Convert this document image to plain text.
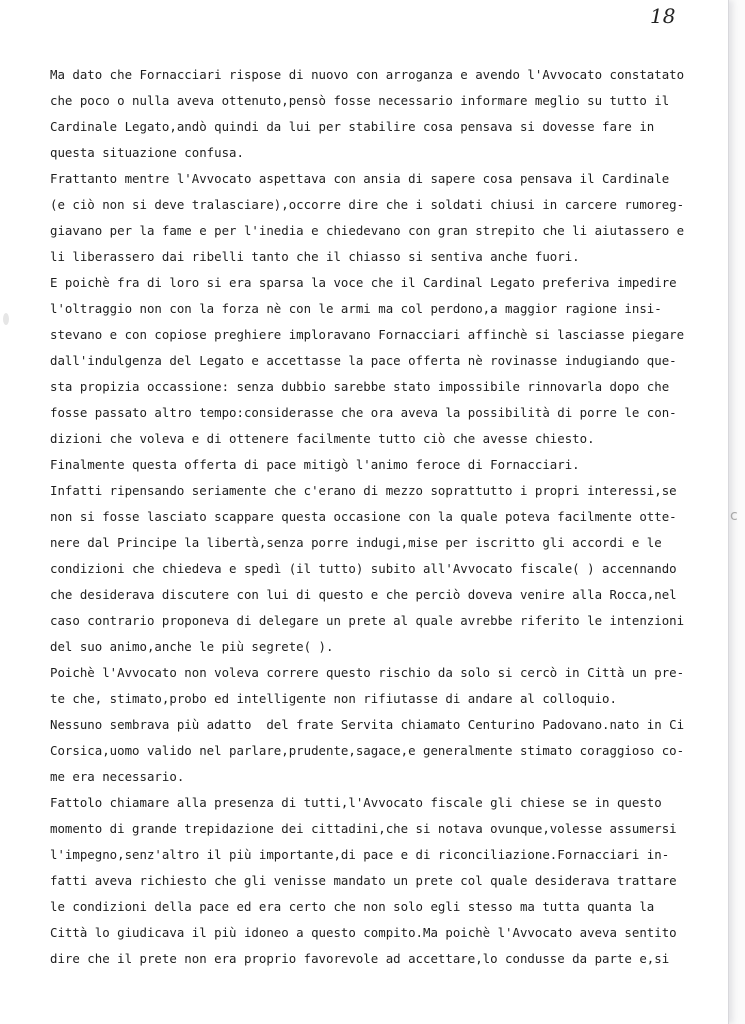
18
Ma dato che Fornacciari rispose di nuovo con arroganza e avendo l'Avvocato constatato
che poco o nulla aveva ottenuto,pensò fosse necessario informare meglio su tutto il
Cardinale Legato,andò quindi da lui per stabilire cosa pensava si dovesse fare in
questa situazione confusa.
Frattanto mentre l'Avvocato aspettava con ansia di sapere cosa pensava il Cardinale
(e ciò non si deve tralasciare),occorre dire che i soldati chiusi in carcere rumoreg-
giavano per la fame e per l'inedia e chiedevano con gran strepito che li aiutassero e
li liberassero dai ribelli tanto che il chiasso si sentiva anche fuori.
E poichè fra di loro si era sparsa la voce che il Cardinal Legato preferiva impedire
l'oltraggio non con la forza nè con le armi ma col perdono,a maggior ragione insi-
stevano e con copiose preghiere imploravano Fornacciari affinchè si lasciasse piegare
dall'indulgenza del Legato e accettasse la pace offerta nè rovinasse indugiando que-
sta propizia occassione: senza dubbio sarebbe stato impossibile rinnovarla dopo che
fosse passato altro tempo:considerasse che ora aveva la possibilità di porre le con-
dizioni che voleva e di ottenere facilmente tutto ciò che avesse chiesto.
Finalmente questa offerta di pace mitigò l'animo feroce di Fornacciari.
Infatti ripensando seriamente che c'erano di mezzo soprattutto i propri interessi,se
non si fosse lasciato scappare questa occasione con la quale poteva facilmente otte-
nere dal Principe la libertà,senza porre indugi,mise per iscritto gli accordi e le
condizioni che chiedeva e spedì (il tutto) subito all'Avvocato fiscale( ) accennando
che desiderava discutere con lui di questo e che perciò doveva venire alla Rocca,nel
caso contrario proponeva di delegare un prete al quale avrebbe riferito le intenzioni
del suo animo,anche le più segrete( ).
Poichè l'Avvocato non voleva correre questo rischio da solo si cercò in Città un pre-
te che, stimato,probo ed intelligente non rifiutasse di andare al colloquio.
Nessuno sembrava più adatto  del frate Servita chiamato Centurino Padovano.nato in Ci
Corsica,uomo valido nel parlare,prudente,sagace,e generalmente stimato coraggioso co-
me era necessario.
Fattolo chiamare alla presenza di tutti,l'Avvocato fiscale gli chiese se in questo
momento di grande trepidazione dei cittadini,che si notava ovunque,volesse assumersi
l'impegno,senz'altro il più importante,di pace e di riconciliazione.Fornacciari in-
fatti aveva richiesto che gli venisse mandato un prete col quale desiderava trattare
le condizioni della pace ed era certo che non solo egli stesso ma tutta quanta la
Città lo giudicava il più idoneo a questo compito.Ma poichè l'Avvocato aveva sentito
dire che il prete non era proprio favorevole ad accettare,lo condusse da parte e,si
c
